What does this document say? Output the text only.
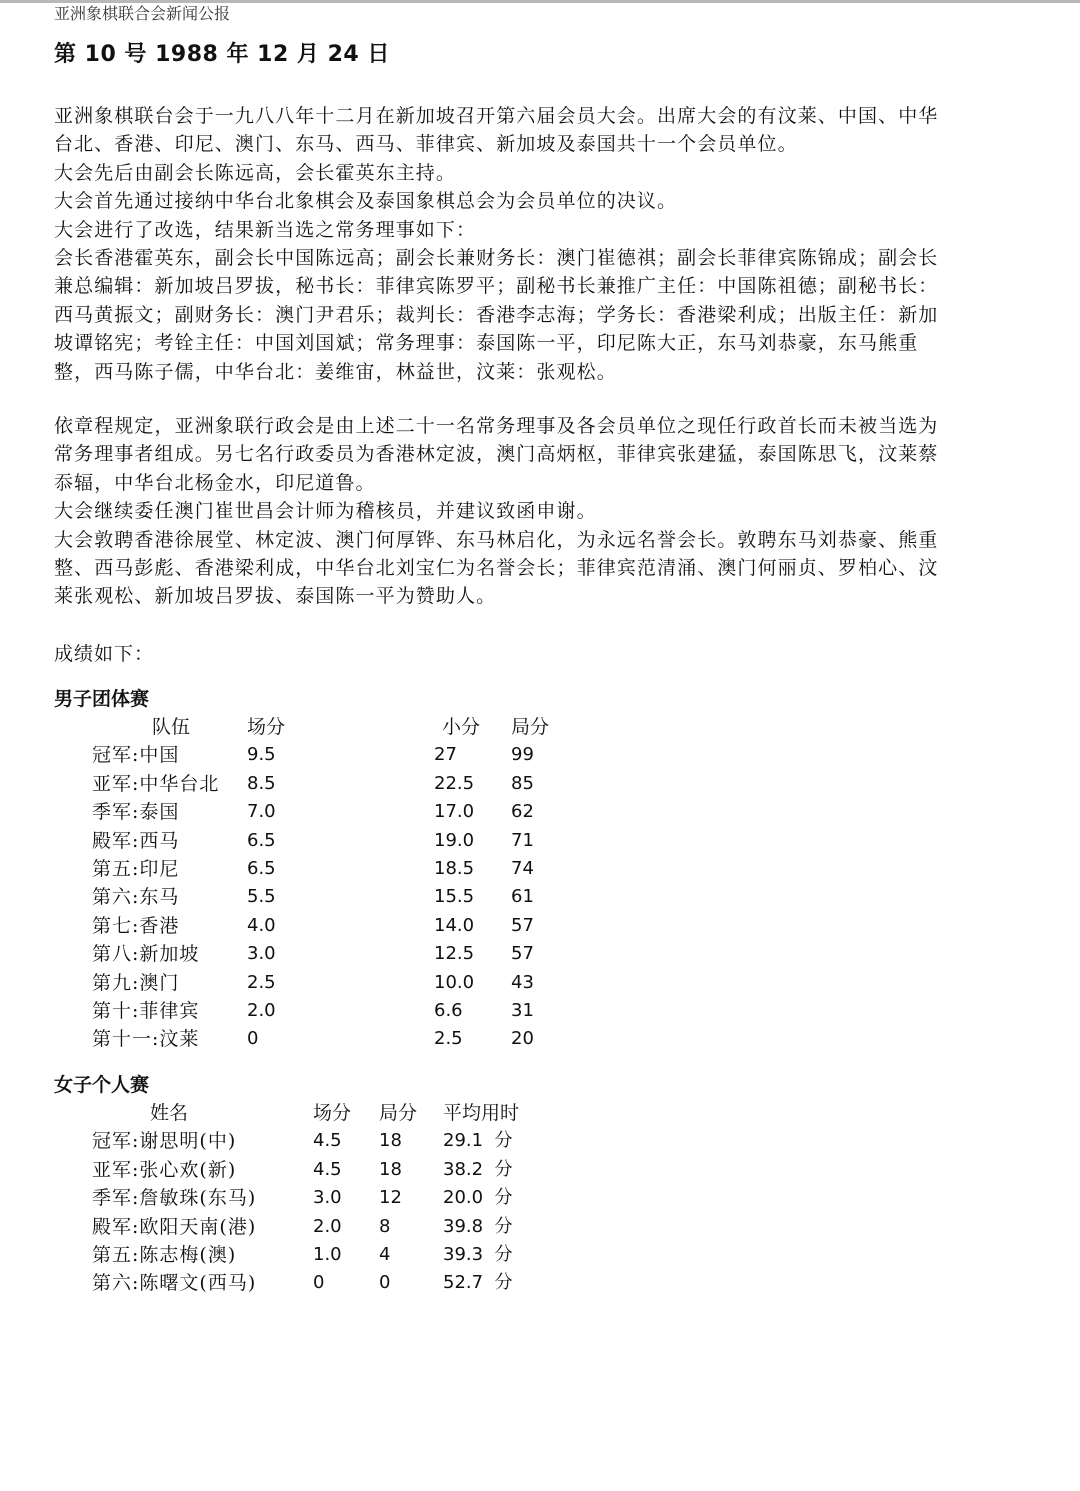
亚洲象棋联合会新闻公报
第 10 号 1988 年 12 月 24 日
亚洲象棋联台会于一九八八年十二月在新加坡召开第六届会员大会。出席大会的有汶莱、中国、中华
台北、香港、印尼、澳门、东马、西马、菲律宾、新加坡及泰国共十一个会员单位。
大会先后由副会长陈远高，会长霍英东主持。
大会首先通过接纳中华台北象棋会及泰国象棋总会为会员单位的决议。
大会进行了改选，结果新当选之常务理事如下：
会长香港霍英东，副会长中国陈远高；副会长兼财务长：澳门崔德祺；副会长菲律宾陈锦成；副会长
兼总编辑：新加坡吕罗拔，秘书长：菲律宾陈罗平；副秘书长兼推广主任：中国陈祖德；副秘书长：
西马黄振文；副财务长：澳门尹君乐；裁判长：香港李志海；学务长：香港梁利成；出版主任：新加
坡谭铭宪；考铨主任：中国刘国斌；常务理事：泰国陈一平，印尼陈大正，东马刘恭豪，东马熊重
整，西马陈子儒，中华台北：姜维宙，林益世，汶莱：张观松。
依章程规定，亚洲象联行政会是由上述二十一名常务理事及各会员单位之现任行政首长而未被当选为
常务理事者组成。另七名行政委员为香港林定波，澳门高炳枢，菲律宾张建猛，泰国陈思飞，汶莱蔡
忝辐，中华台北杨金水，印尼道鲁。
大会继续委任澳门崔世昌会计师为稽核员，并建议致函申谢。
大会敦聘香港徐展堂、林定波、澳门何厚铧、东马林启化，为永远名誉会长。敦聘东马刘恭豪、熊重
整、西马彭彪、香港梁利成，中华台北刘宝仁为名誉会长；菲律宾范清涌、澳门何丽贞、罗柏心、汶
莱张观松、新加坡吕罗拔、泰国陈一平为赞助人。
成绩如下：
男子团体赛
队伍	场分	小分	局分
冠军:中国	9.5	27	99
亚军:中华台北	8.5	22.5	85
季军:泰国	7.0	17.0	62
殿军:西马	6.5	19.0	71
第五:印尼	6.5	18.5	74
第六:东马	5.5	15.5	61
第七:香港	4.0	14.0	57
第八:新加坡	3.0	12.5	57
第九:澳门	2.5	10.0	43
第十:菲律宾	2.0	6.6	31
第十一:汶莱	0	2.5	20
女子个人赛
姓名	场分	局分	平均用时
冠军:谢思明(中)	4.5	18	29.1  分
亚军:张心欢(新)	4.5	18	38.2  分
季军:詹敏珠(东马)	3.0	12	20.0  分
殿军:欧阳天南(港)	2.0	8	39.8  分
第五:陈志梅(澳)	1.0	4	39.3  分
第六:陈曙文(西马)	0	0	52.7  分
